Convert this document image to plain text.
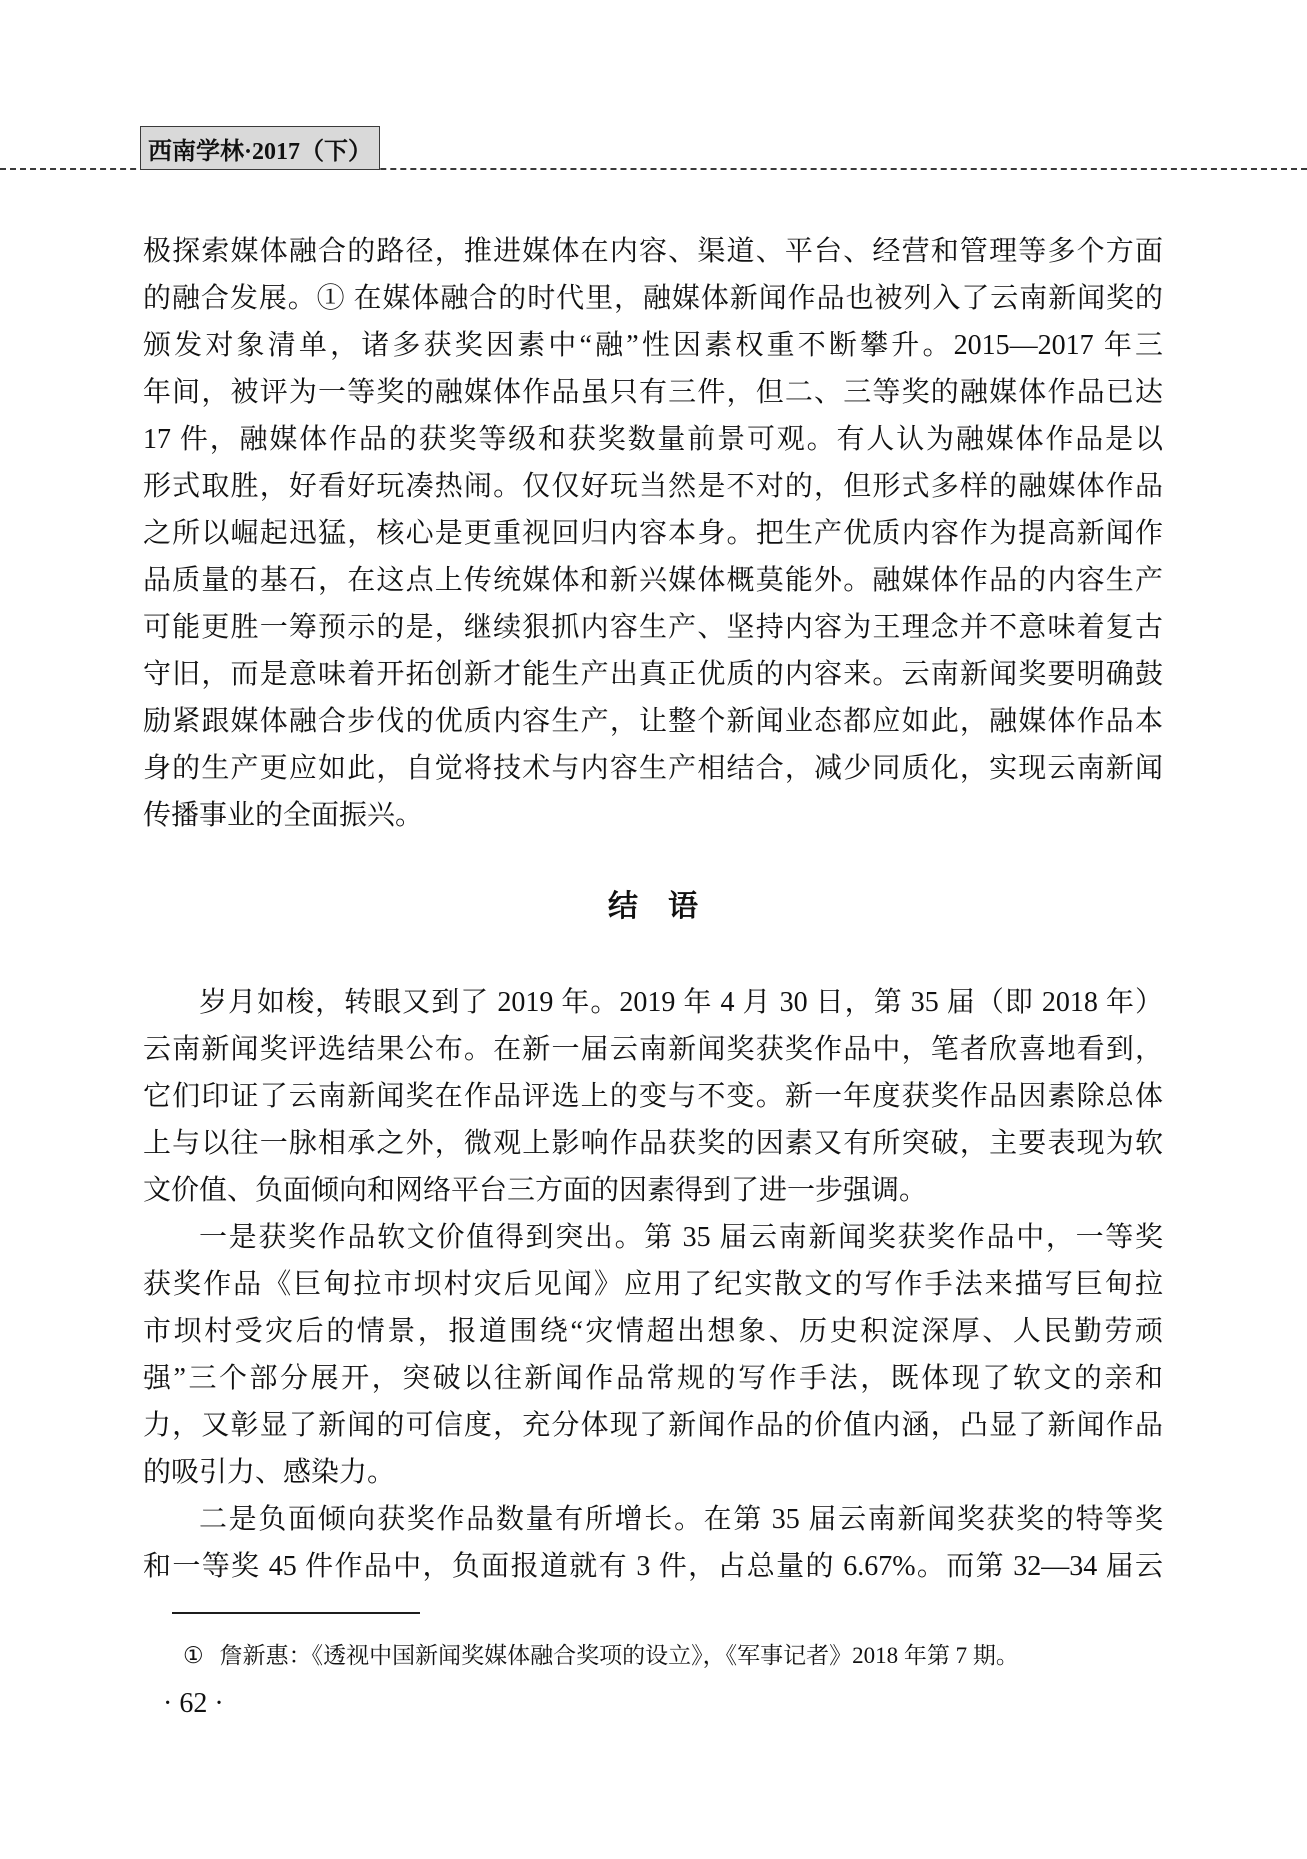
西南学林·2017（下）
极探索媒体融合的路径，推进媒体在内容、渠道、平台、经营和管理等多个方面
的融合发展。① 在媒体融合的时代里，融媒体新闻作品也被列入了云南新闻奖的
颁发对象清单，诸多获奖因素中“融”性因素权重不断攀升。2015—2017 年三
年间，被评为一等奖的融媒体作品虽只有三件，但二、三等奖的融媒体作品已达
17 件，融媒体作品的获奖等级和获奖数量前景可观。有人认为融媒体作品是以
形式取胜，好看好玩凑热闹。仅仅好玩当然是不对的，但形式多样的融媒体作品
之所以崛起迅猛，核心是更重视回归内容本身。把生产优质内容作为提高新闻作
品质量的基石，在这点上传统媒体和新兴媒体概莫能外。融媒体作品的内容生产
可能更胜一筹预示的是，继续狠抓内容生产、坚持内容为王理念并不意味着复古
守旧，而是意味着开拓创新才能生产出真正优质的内容来。云南新闻奖要明确鼓
励紧跟媒体融合步伐的优质内容生产，让整个新闻业态都应如此，融媒体作品本
身的生产更应如此，自觉将技术与内容生产相结合，减少同质化，实现云南新闻
传播事业的全面振兴。
结　语
岁月如梭，转眼又到了 2019 年。2019 年 4 月 30 日，第 35 届（即 2018 年）
云南新闻奖评选结果公布。在新一届云南新闻奖获奖作品中，笔者欣喜地看到，
它们印证了云南新闻奖在作品评选上的变与不变。新一年度获奖作品因素除总体
上与以往一脉相承之外，微观上影响作品获奖的因素又有所突破，主要表现为软
文价值、负面倾向和网络平台三方面的因素得到了进一步强调。
一是获奖作品软文价值得到突出。第 35 届云南新闻奖获奖作品中，一等奖
获奖作品《巨甸拉市坝村灾后见闻》应用了纪实散文的写作手法来描写巨甸拉
市坝村受灾后的情景，报道围绕“灾情超出想象、历史积淀深厚、人民勤劳顽
强”三个部分展开，突破以往新闻作品常规的写作手法，既体现了软文的亲和
力，又彰显了新闻的可信度，充分体现了新闻作品的价值内涵，凸显了新闻作品
的吸引力、感染力。
二是负面倾向获奖作品数量有所增长。在第 35 届云南新闻奖获奖的特等奖
和一等奖 45 件作品中，负面报道就有 3 件，占总量的 6.67%。而第 32—34 届云
① 詹新惠：《透视中国新闻奖媒体融合奖项的设立》，《军事记者》2018 年第 7 期。
· 62 ·
